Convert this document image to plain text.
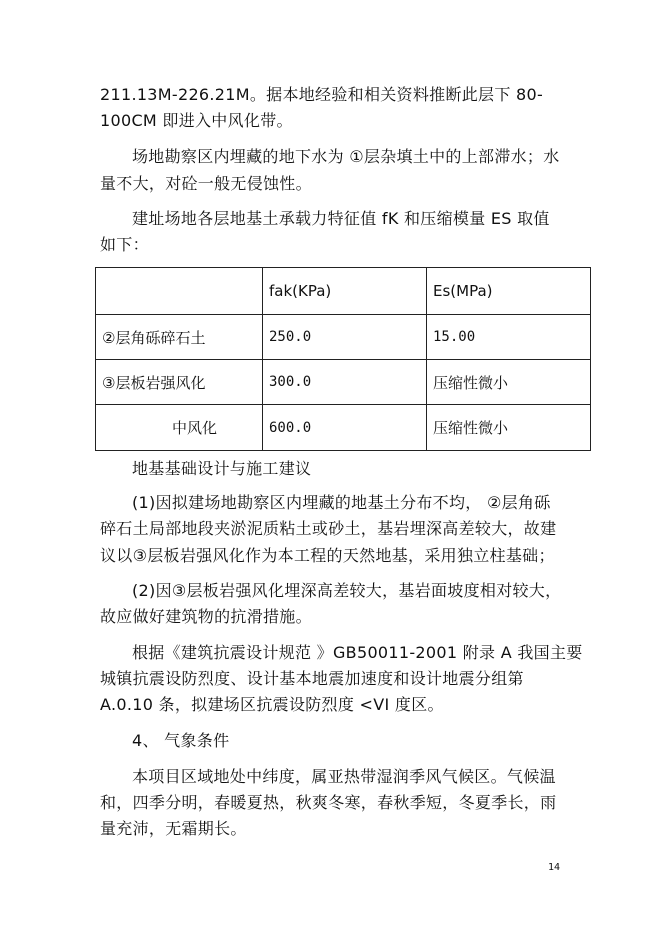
211.13M-226.21M。据本地经验和相关资料推断此层下 80-
100CM 即进入中风化带。
场地勘察区内埋藏的地下水为 ①层杂填土中的上部滞水；水
量不大，对砼一般无侵蚀性。
建址场地各层地基土承载力特征值 fK 和压缩模量 ES 取值
如下：
	fak(KPa)	Es(MPa)
②层角砾碎石土	250.0	15.00
③层板岩强风化	300.0	压缩性微小
中风化	600.0	压缩性微小
地基基础设计与施工建议
(1)因拟建场地勘察区内埋藏的地基土分布不均， ②层角砾
碎石土局部地段夹淤泥质粘土或砂土，基岩埋深高差较大，故建
议以③层板岩强风化作为本工程的天然地基，采用独立柱基础；
(2)因③层板岩强风化埋深高差较大，基岩面坡度相对较大，
故应做好建筑物的抗滑措施。
根据《建筑抗震设计规范 》GB50011-2001 附录 A 我国主要
城镇抗震设防烈度、设计基本地震加速度和设计地震分组第
A.0.10 条，拟建场区抗震设防烈度 <VI 度区。
4、 气象条件
本项目区域地处中纬度，属亚热带湿润季风气候区。气候温
和，四季分明，春暖夏热，秋爽冬寒，春秋季短，冬夏季长，雨
量充沛，无霜期长。
14
